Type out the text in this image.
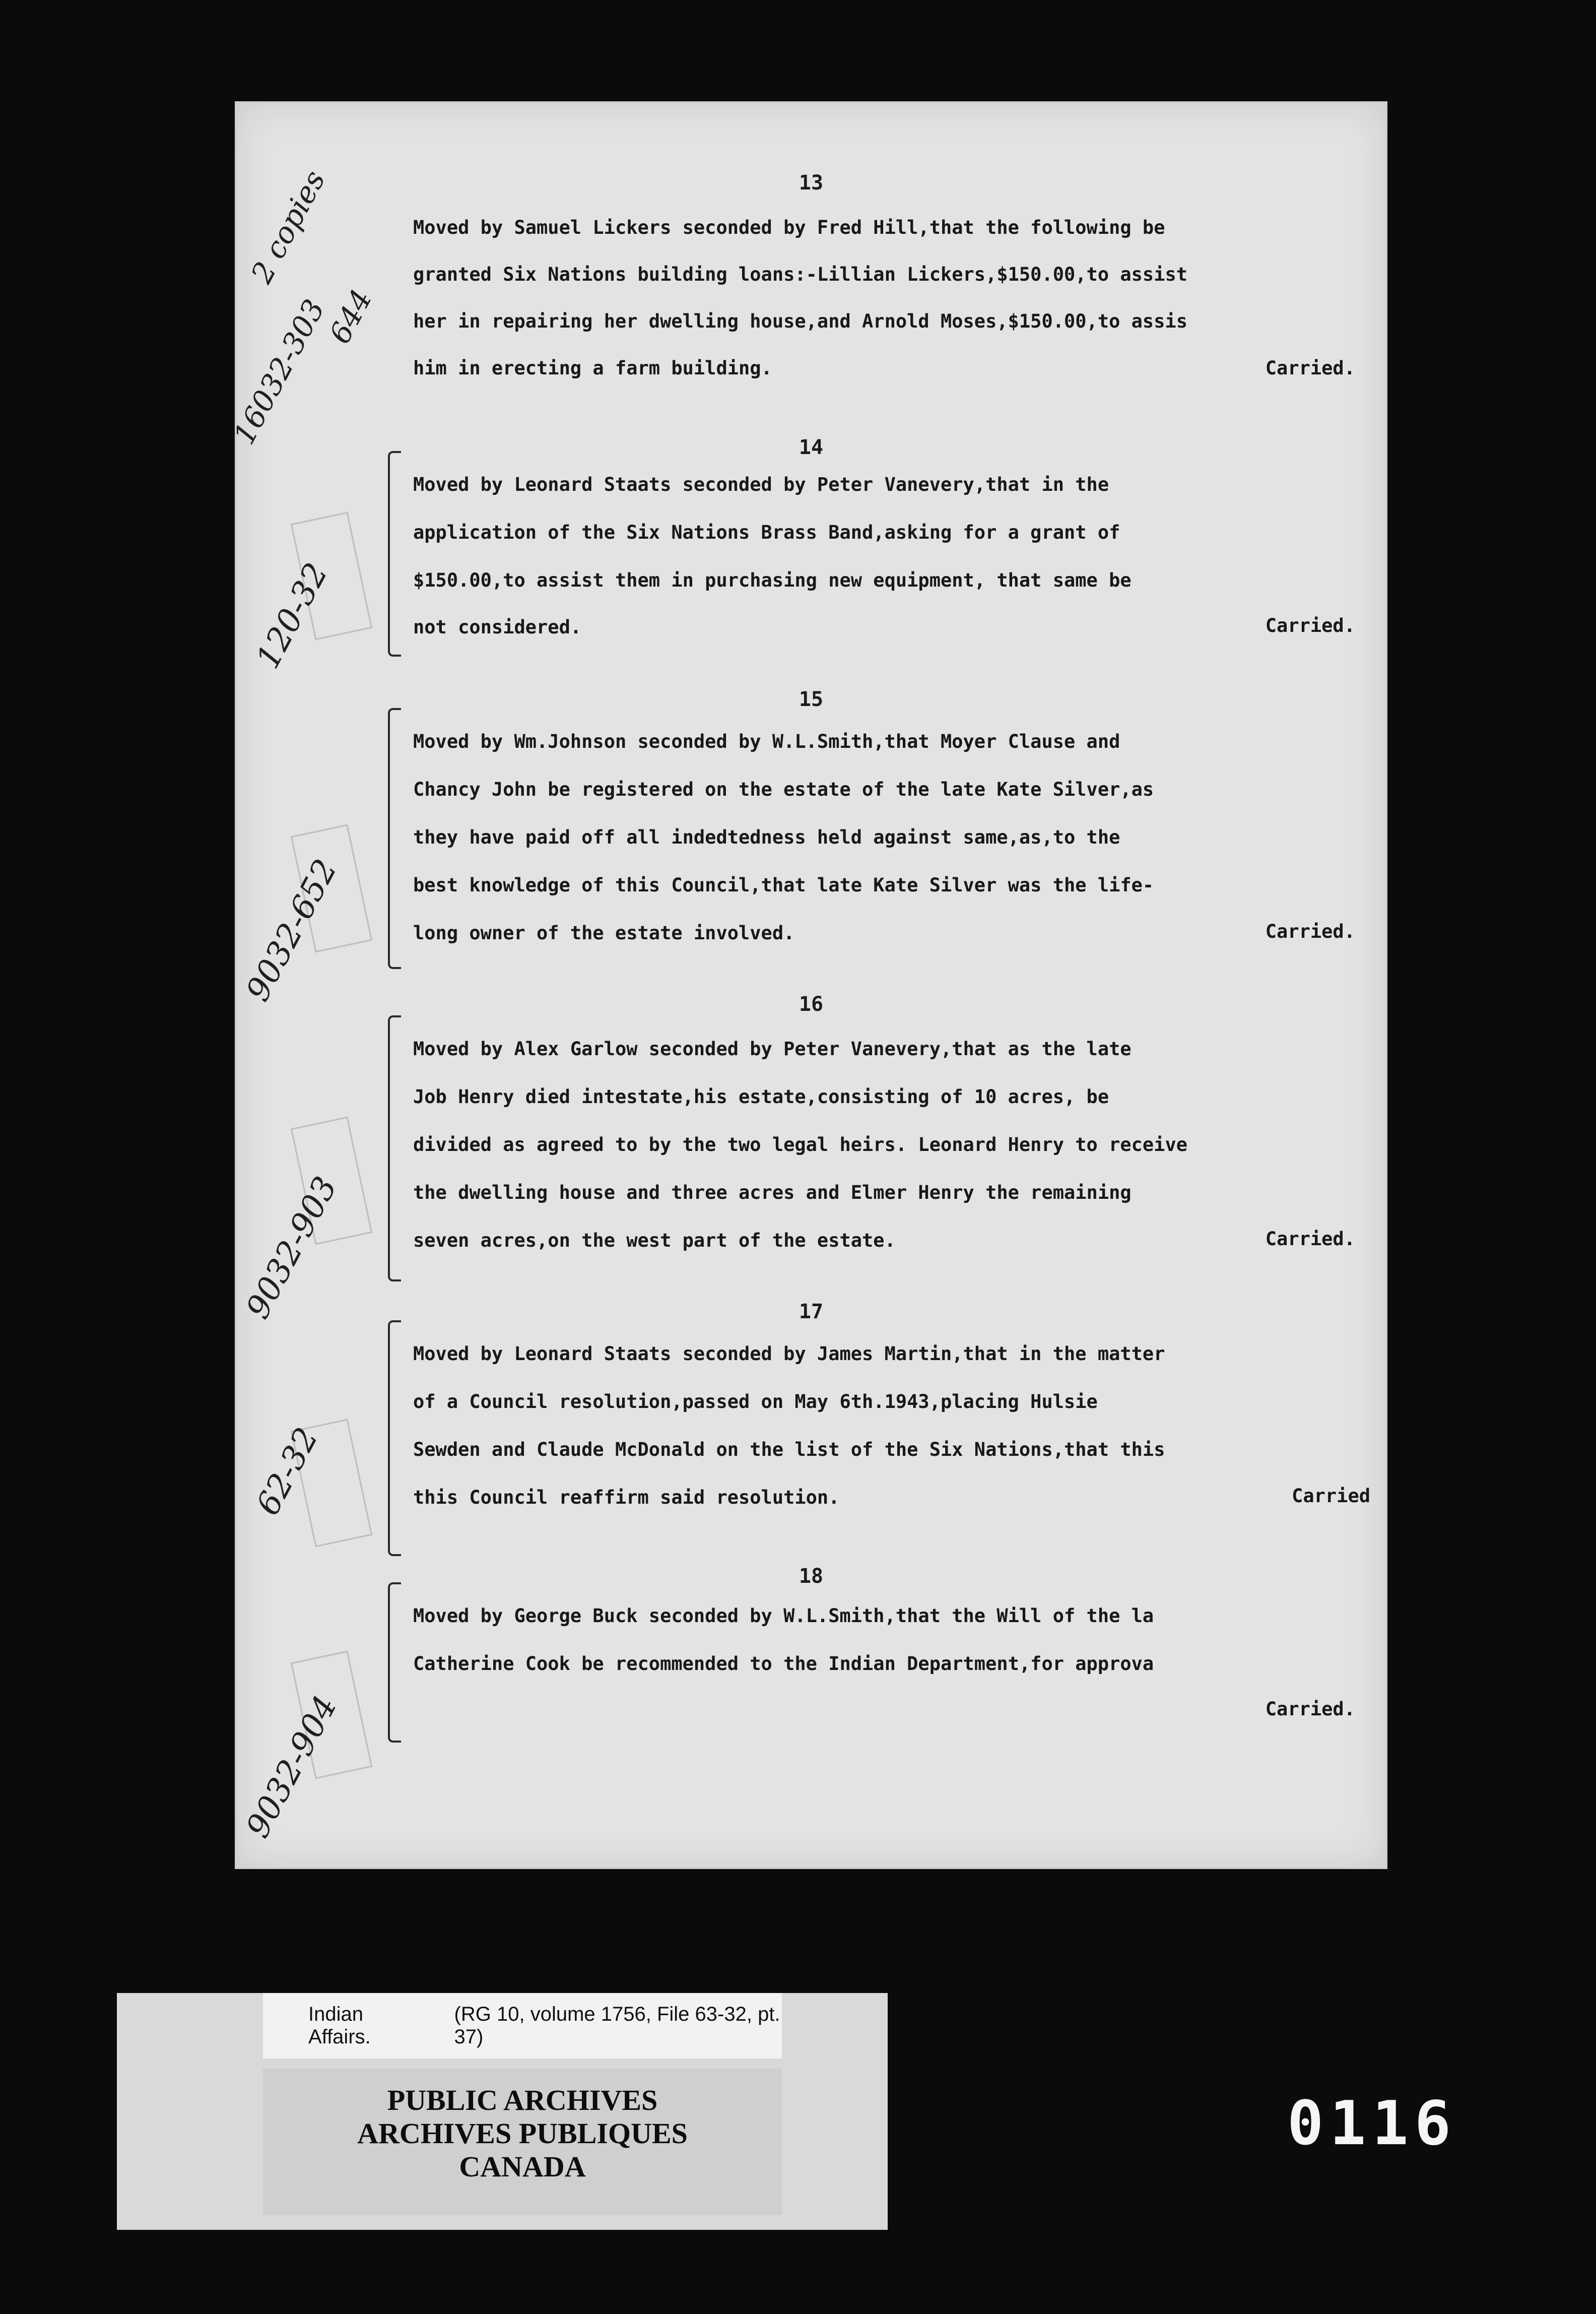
13
Moved by Samuel Lickers seconded by Fred Hill,that the following be
granted Six Nations building loans:-Lillian Lickers,$150.00,to assist
her in repairing her dwelling house,and Arnold Moses,$150.00,to assis
him in erecting a farm building.	Carried.
14
Moved by Leonard Staats seconded by Peter Vanevery,that in the
application of the Six Nations Brass Band,asking for a grant of
$150.00,to assist them in purchasing new equipment, that same be
not considered.	Carried.
15
Moved by Wm.Johnson seconded by W.L.Smith,that Moyer Clause and
Chancy John be registered on the estate of the late Kate Silver,as
they have paid off all indedtedness held against same,as,to the
best knowledge of this Council,that late Kate Silver was the life-
long owner of the estate involved.	Carried.
16
Moved by Alex Garlow seconded by Peter Vanevery,that as the late
Job Henry died intestate,his estate,consisting of 10 acres, be
divided as agreed to by the two legal heirs. Leonard Henry to receive
the dwelling house and three acres and Elmer Henry the remaining
seven acres,on the west part of the estate.	Carried.
17
Moved by Leonard Staats seconded by James Martin,that in the matter
of a Council resolution,passed on May 6th.1943,placing Hulsie
Sewden and Claude McDonald on the list of the Six Nations,that this
this Council reaffirm said resolution.	Carried
18
Moved by George Buck seconded by W.L.Smith,that the Will of the la
Catherine Cook be recommended to the Indian Department,for approva
Carried.
2 copies
16032-303
644
120-32
9032-652
9032-903
62-32
9032-904
Indian Affairs.
(RG 10, volume 1756, File 63-32, pt. 37)
PUBLIC ARCHIVES
ARCHIVES PUBLIQUES
CANADA
0116
